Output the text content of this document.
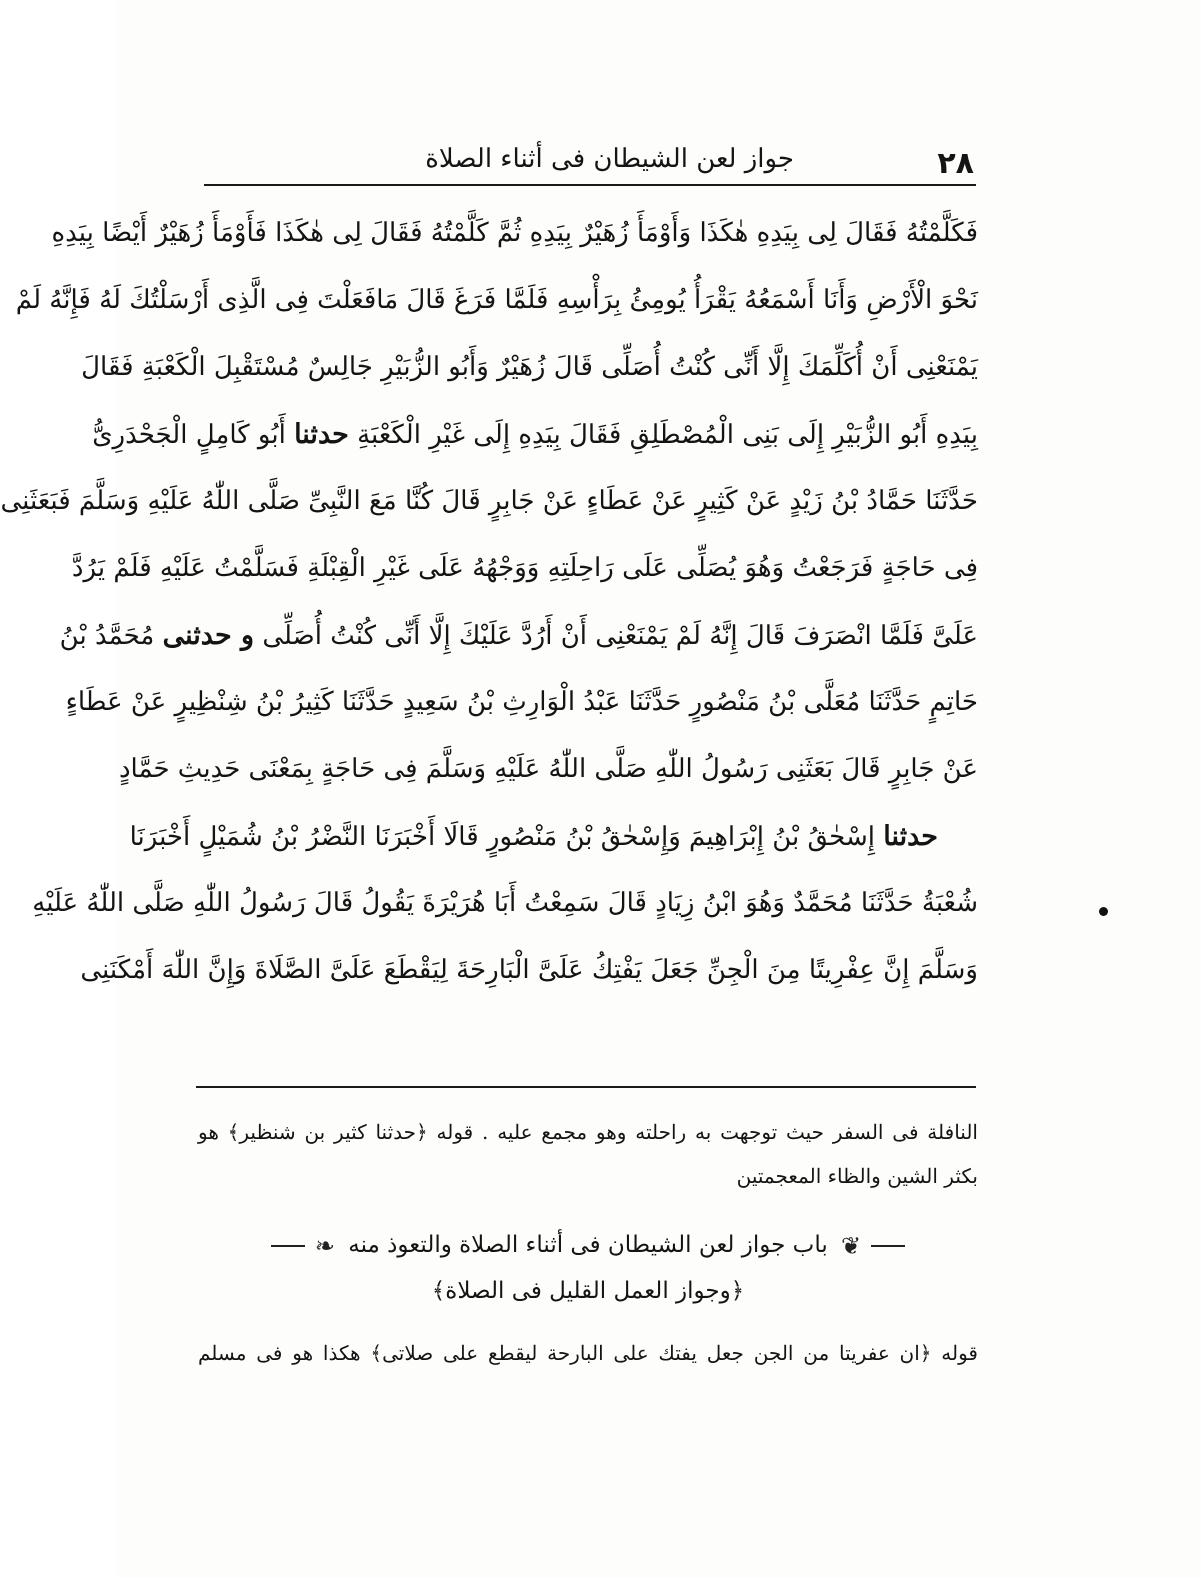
٢٨
جواز لعن الشيطان فى أثناء الصلاة
فَكَلَّمْتُهُ فَقَالَ لِى بِيَدِهِ هٰكَذَا وَأَوْمَأَ زُهَيْرٌ بِيَدِهِ ثُمَّ كَلَّمْتُهُ فَقَالَ لِى هٰكَذَا فَأَوْمَأَ زُهَيْرٌ أَيْضًا بِيَدِهِ
نَحْوَ الْأَرْضِ وَأَنَا أَسْمَعُهُ يَقْرَأُ يُومِئُ بِرَأْسِهِ فَلَمَّا فَرَغَ قَالَ مَافَعَلْتَ فِى الَّذِى أَرْسَلْتُكَ لَهُ فَإِنَّهُ لَمْ
يَمْنَعْنِى أَنْ أُكَلِّمَكَ إِلَّا أَنِّى كُنْتُ أُصَلِّى قَالَ زُهَيْرٌ وَأَبُو الزُّبَيْرِ جَالِسٌ مُسْتَقْبِلَ الْكَعْبَةِ فَقَالَ
بِيَدِهِ أَبُو الزُّبَيْرِ إِلَى بَنِى الْمُصْطَلِقِ فَقَالَ بِيَدِهِ إِلَى غَيْرِ الْكَعْبَةِ حدثنا أَبُو كَامِلٍ الْجَحْدَرِىُّ
حَدَّثَنَا حَمَّادُ بْنُ زَيْدٍ عَنْ كَثِيرٍ عَنْ عَطَاءٍ عَنْ جَابِرٍ قَالَ كُنَّا مَعَ النَّبِىِّ صَلَّى اللّٰهُ عَلَيْهِ وَسَلَّمَ فَبَعَثَنِى
فِى حَاجَةٍ فَرَجَعْتُ وَهُوَ يُصَلِّى عَلَى رَاحِلَتِهِ وَوَجْهُهُ عَلَى غَيْرِ الْقِبْلَةِ فَسَلَّمْتُ عَلَيْهِ فَلَمْ يَرُدَّ
عَلَىَّ فَلَمَّا انْصَرَفَ قَالَ إِنَّهُ لَمْ يَمْنَعْنِى أَنْ أَرُدَّ عَلَيْكَ إِلَّا أَنِّى كُنْتُ أُصَلِّى و حدثنى مُحَمَّدُ بْنُ
حَاتِمٍ حَدَّثَنَا مُعَلَّى بْنُ مَنْصُورٍ حَدَّثَنَا عَبْدُ الْوَارِثِ بْنُ سَعِيدٍ حَدَّثَنَا كَثِيرُ بْنُ شِنْظِيرٍ عَنْ عَطَاءٍ
عَنْ جَابِرٍ قَالَ بَعَثَنِى رَسُولُ اللّٰهِ صَلَّى اللّٰهُ عَلَيْهِ وَسَلَّمَ فِى حَاجَةٍ بِمَعْنَى حَدِيثِ حَمَّادٍ
حدثنا إِسْحٰقُ بْنُ إِبْرَاهِيمَ وَإِسْحٰقُ بْنُ مَنْصُورٍ قَالَا أَخْبَرَنَا النَّضْرُ بْنُ شُمَيْلٍ أَخْبَرَنَا
شُعْبَةُ حَدَّثَنَا مُحَمَّدٌ وَهُوَ ابْنُ زِيَادٍ قَالَ سَمِعْتُ أَبَا هُرَيْرَةَ يَقُولُ قَالَ رَسُولُ اللّٰهِ صَلَّى اللّٰهُ عَلَيْهِ
وَسَلَّمَ إِنَّ عِفْرِيتًا مِنَ الْجِنِّ جَعَلَ يَفْتِكُ عَلَىَّ الْبَارِحَةَ لِيَقْطَعَ عَلَىَّ الصَّلَاةَ وَإِنَّ اللّٰهَ أَمْكَنَنِى
النافلة فى السفر حيث توجهت به راحلته وهو مجمع عليه . قوله ﴿حدثنا كثير بن شنظير﴾ هو
بكثر الشين والظاء المعجمتين
❦ باب جواز لعن الشيطان فى أثناء الصلاة والتعوذ منه ❧
﴿وجواز العمل القليل فى الصلاة﴾
قوله ﴿ان عفريتا من الجن جعل يفتك على البارحة ليقطع على صلاتى﴾ هكذا هو فى مسلم
